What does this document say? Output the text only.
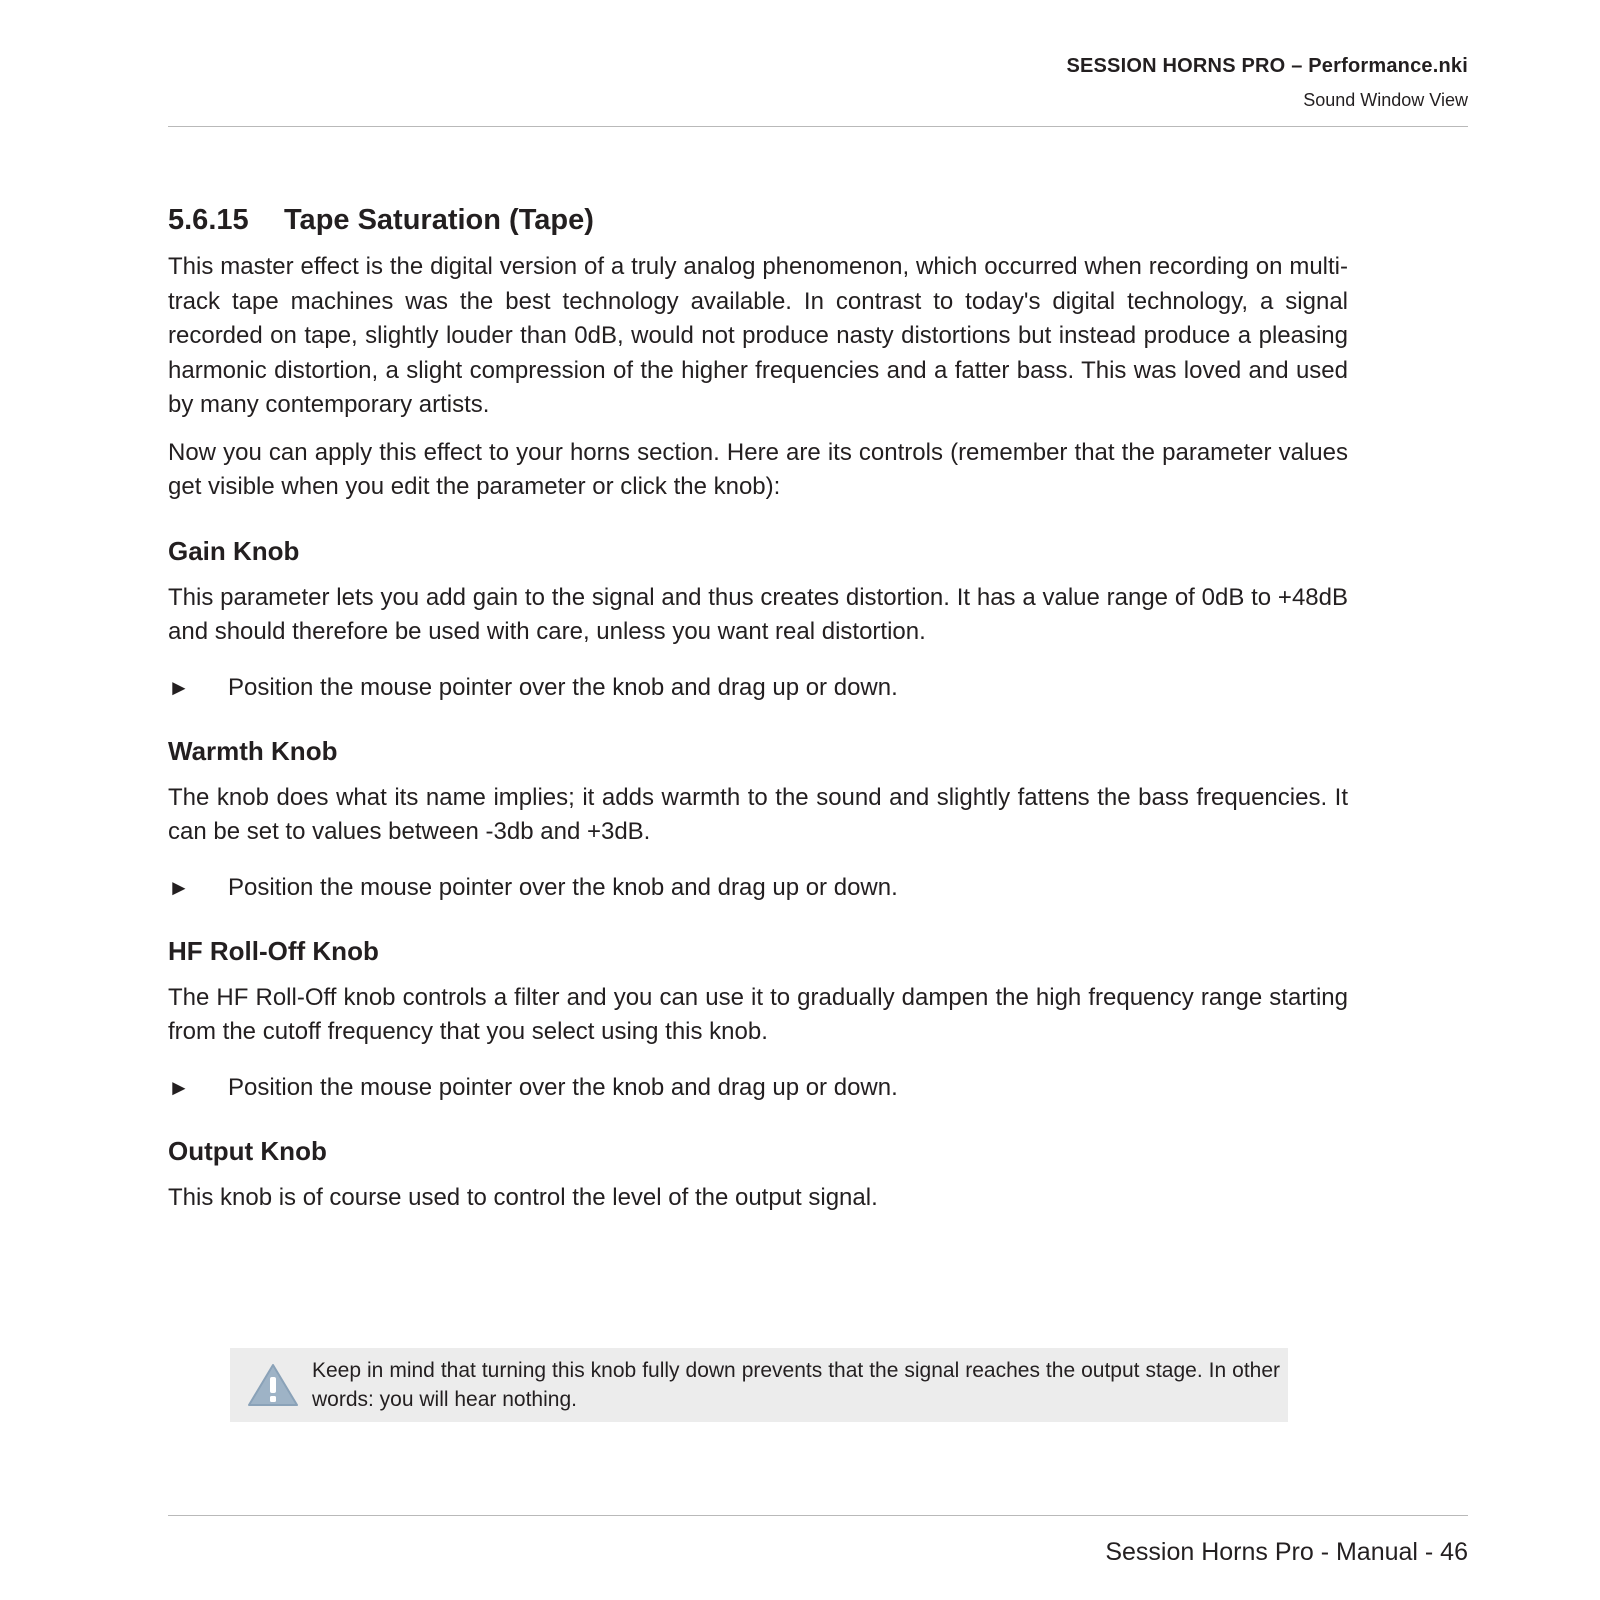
SESSION HORNS PRO – Performance.nki
Sound Window View
5.6.15	Tape Saturation (Tape)

This master effect is the digital version of a truly analog phenomenon, which occurred when recording on multi-track tape machines was the best technology available. In contrast to today's digital technology, a signal recorded on tape, slightly louder than 0dB, would not produce nasty distortions but instead produce a pleasing harmonic distortion, a slight compression of the higher frequencies and a fatter bass. This was loved and used by many contemporary artists.

Now you can apply this effect to your horns section. Here are its controls (remember that the parameter values get visible when you edit the parameter or click the knob):

Gain Knob

This parameter lets you add gain to the signal and thus creates distortion. It has a value range of 0dB to +48dB and should therefore be used with care, unless you want real distortion.

►	Position the mouse pointer over the knob and drag up or down.
Warmth Knob

The knob does what its name implies; it adds warmth to the sound and slightly fattens the bass frequencies. It can be set to values between -3db and +3dB.

►	Position the mouse pointer over the knob and drag up or down.
HF Roll-Off Knob

The HF Roll-Off knob controls a filter and you can use it to gradually dampen the high frequency range starting from the cutoff frequency that you select using this knob.

►	Position the mouse pointer over the knob and drag up or down.
Output Knob

This knob is of course used to control the level of the output signal.

Keep in mind that turning this knob fully down prevents that the signal reaches the output stage. In other words: you will hear nothing.
Session Horns Pro - Manual - 46
